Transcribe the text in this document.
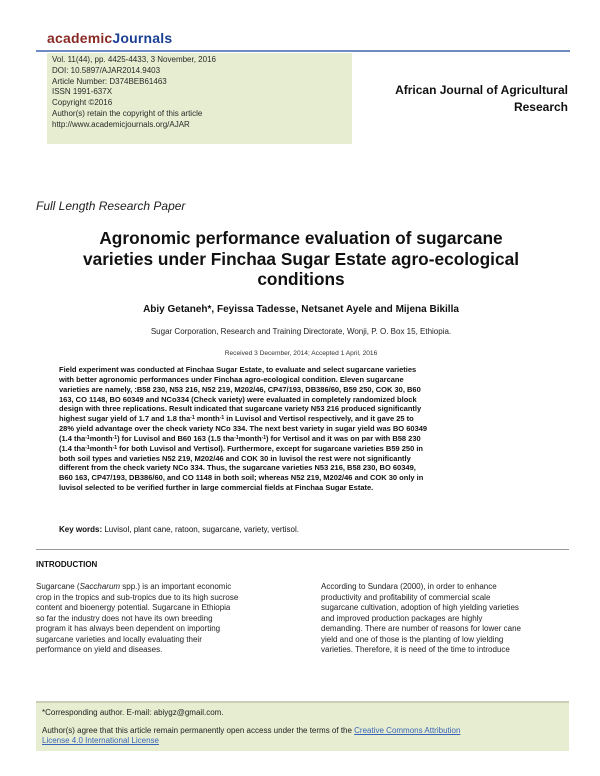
academicJournals
Vol. 11(44), pp. 4425-4433, 3 November, 2016
DOI: 10.5897/AJAR2014.9403
Article Number: D374BEB61463
ISSN 1991-637X
Copyright ©2016
Author(s) retain the copyright of this article
http://www.academicjournals.org/AJAR
African Journal of Agricultural
Research
Full Length Research Paper
Agronomic performance evaluation of sugarcane
varieties under Finchaa Sugar Estate agro-ecological
conditions
Abiy Getaneh*, Feyissa Tadesse, Netsanet Ayele and Mijena Bikilla
Sugar Corporation, Research and Training Directorate, Wonji, P. O. Box 15, Ethiopia.
Received 3 December, 2014; Accepted 1 April, 2016
Field experiment was conducted at Finchaa Sugar Estate, to evaluate and select sugarcane varieties
with better agronomic performances under Finchaa agro-ecological condition. Eleven sugarcane
varieties are namely, :B58 230, N53 216, N52 219, M202/46, CP47/193, DB386/60, B59 250, COK 30, B60
163, CO 1148, BO 60349 and NCo334 (Check variety) were evaluated in completely randomized block
design with three replications. Result indicated that sugarcane variety N53 216 produced significantly
highest sugar yield of 1.7 and 1.8 tha$^{-1}$ month$^{-1}$ in Luvisol and Vertisol respectively, and it gave 25 to
28% yield advantage over the check variety NCo 334. The next best variety in sugar yield was BO 60349
(1.4 tha$^{-1}$month$^{-1}$) for Luvisol and B60 163 (1.5 tha$^{-1}$month$^{-1}$) for Vertisol and it was on par with B58 230
(1.4 tha$^{-1}$month$^{-1}$ for both Luvisol and Vertisol). Furthermore, except for sugarcane varieties B59 250 in
both soil types and varieties N52 219, M202/46 and COK 30 in luvisol the rest were not significantly
different from the check variety NCo 334. Thus, the sugarcane varieties N53 216, B58 230, BO 60349,
B60 163, CP47/193, DB386/60, and CO 1148 in both soil; whereas N52 219, M202/46 and COK 30 only in
luvisol selected to be verified further in large commercial fields at Finchaa Sugar Estate.
Key words: Luvisol, plant cane, ratoon, sugarcane, variety, vertisol.
INTRODUCTION
Sugarcane (Saccharum spp.) is an important economic
crop in the tropics and sub-tropics due to its high sucrose
content and bioenergy potential. Sugarcane in Ethiopia
so far the industry does not have its own breeding
program it has always been dependent on importing
sugarcane varieties and locally evaluating their
performance on yield and diseases.
According to Sundara (2000), in order to enhance
productivity and profitability of commercial scale
sugarcane cultivation, adoption of high yielding varieties
and improved production packages are highly
demanding. There are number of reasons for lower cane
yield and one of those is the planting of low yielding
varieties. Therefore, it is need of the time to introduce
*Corresponding author. E-mail: abiygz@gmail.com.
Author(s) agree that this article remain permanently open access under the terms of the Creative Commons Attribution
License 4.0 International License
